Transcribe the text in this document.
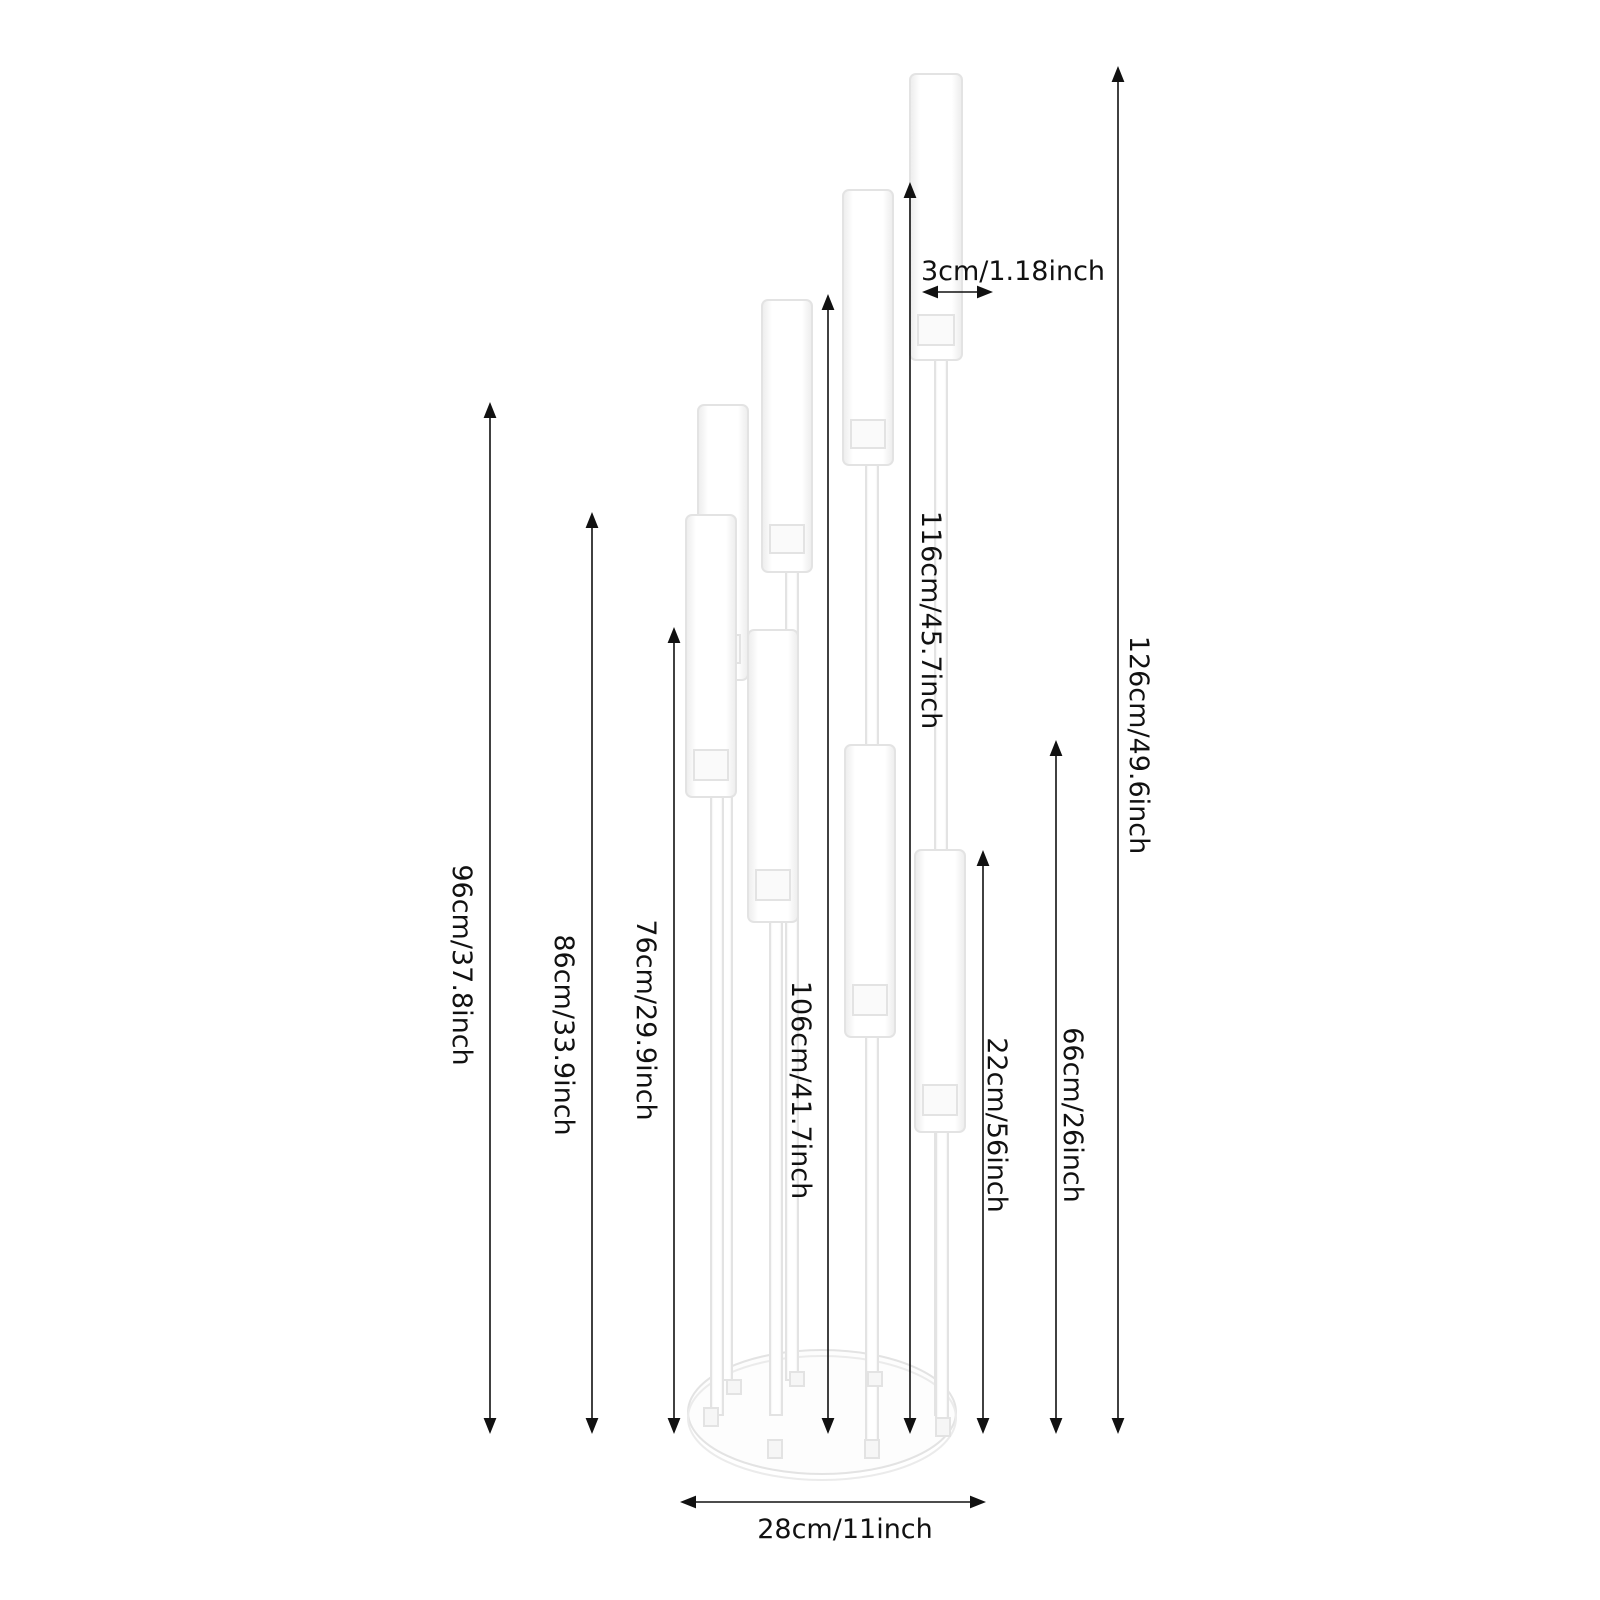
3cm/1.18inch
96cm/37.8inch	86cm/33.9inch 76cm/29.9inch	106cm/41.7inch
116cm/45.7inch
22cm/56inch 66cm/26inch
126cm/49.6inch
28cm/11inch
